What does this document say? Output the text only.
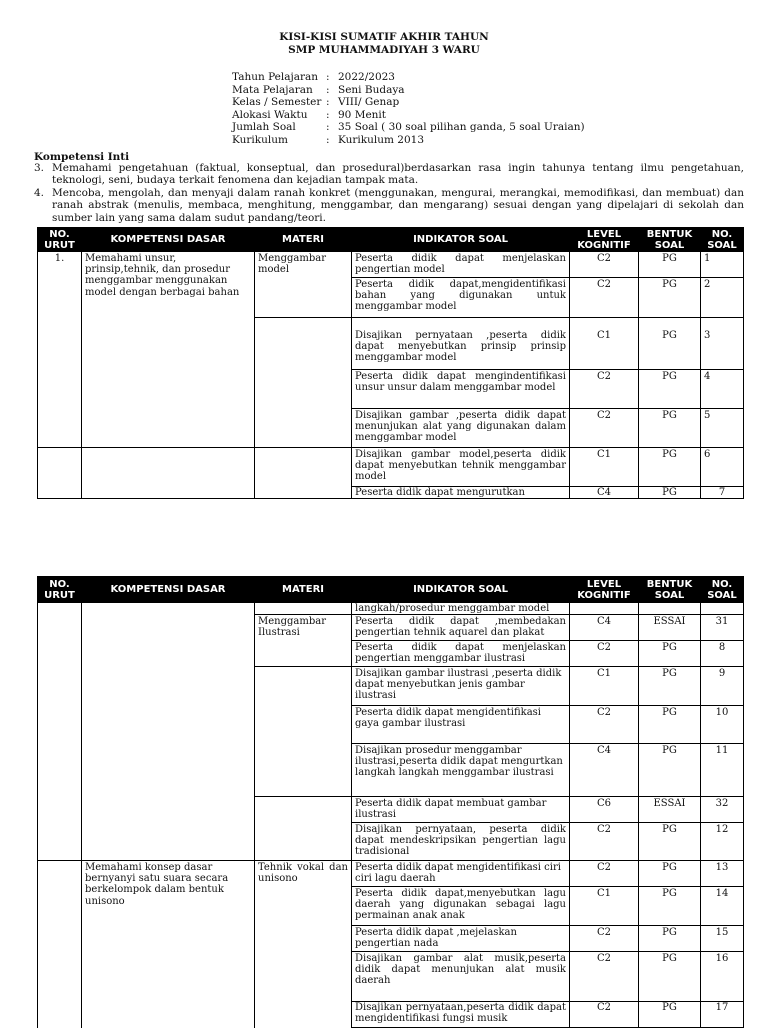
KISI-KISI SUMATIF AKHIR TAHUN
SMP MUHAMMADIYAH 3 WARU
Tahun Pelajaran : 2022/2023
Mata Pelajaran	: Seni Budaya
Kelas / Semester : VIII/ Genap
Alokasi Waktu	: 90 Menit
Jumlah Soal	: 35 Soal ( 30 soal pilihan ganda, 5 soal Uraian)
Kurikulum	: Kurikulum 2013
Kompetensi Inti
3. Memahami pengetahuan (faktual, konseptual, dan prosedural)berdasarkan rasa ingin tahunya tentang ilmu pengetahuan, teknologi, seni, budaya terkait fenomena dan kejadian tampak mata.
4. Mencoba, mengolah, dan menyaji dalam ranah konkret (menggunakan, mengurai, merangkai, memodifikasi, dan membuat) dan ranah abstrak (menulis, membaca, menghitung, menggambar, dan mengarang) sesuai dengan yang dipelajari di sekolah dan sumber lain yang sama dalam sudut pandang/teori.
NO. URUT	KOMPETENSI DASAR	MATERI	INDIKATOR SOAL	LEVEL KOGNITIF	BENTUK SOAL	NO. SOAL
1.	Memahami unsur, prinsip,tehnik, dan prosedur menggambar menggunakan model dengan berbagai bahan	Menggambar model	Peserta didik dapat menjelaskan pengertian model	C2	PG	1
			Peserta didik dapat,mengidentifikasi bahan yang digunakan untuk menggambar model	C2	PG	2
			Disajikan pernyataan ,peserta didik dapat menyebutkan prinsip prinsip menggambar model	C1	PG	3
			Peserta didik dapat mengindentifikasi unsur unsur dalam menggambar model	C2	PG	4
			Disajikan gambar ,peserta didik dapat menunjukan alat yang digunakan dalam menggambar model	C2	PG	5
			Disajikan gambar model,peserta didik dapat menyebutkan tehnik menggambar model	C1	PG	6
			Peserta didik dapat mengurutkan	C4	PG	7
NO. URUT	KOMPETENSI DASAR	MATERI	INDIKATOR SOAL	LEVEL KOGNITIF	BENTUK SOAL	NO. SOAL
			langkah/prosedur menggambar model			
		Menggambar Ilustrasi	Peserta didik dapat ,membedakan pengertian tehnik aquarel dan plakat	C4	ESSAI	31
			Peserta didik dapat menjelaskan pengertian menggambar ilustrasi	C2	PG	8
			Disajikan gambar ilustrasi ,peserta didik dapat menyebutkan jenis gambar ilustrasi	C1	PG	9
			Peserta didik dapat mengidentifikasi gaya gambar ilustrasi	C2	PG	10
			Disajikan prosedur menggambar ilustrasi,peserta didik dapat mengurtkan langkah langkah menggambar ilustrasi	C4	PG	11
			Peserta didik dapat membuat gambar ilustrasi	C6	ESSAI	32
			Disajikan pernyataan, peserta didik dapat mendeskripsikan pengertian lagu tradisional	C2	PG	12
	Memahami konsep dasar bernyanyi satu suara secara berkelompok dalam bentuk unisono	Tehnik vokal dan unisono	Peserta didik dapat mengidentifikasi ciri ciri lagu daerah	C2	PG	13
			Peserta didik dapat,menyebutkan lagu daerah yang digunakan sebagai lagu permainan anak anak	C1	PG	14
			Peserta didik dapat ,mejelaskan pengertian nada	C2	PG	15
			Disajikan gambar alat musik,peserta didik dapat menunjukan alat musik daerah	C2	PG	16
			Disajikan pernyataan,peserta didik dapat mengidentifikasi fungsi musik	C2	PG	17
